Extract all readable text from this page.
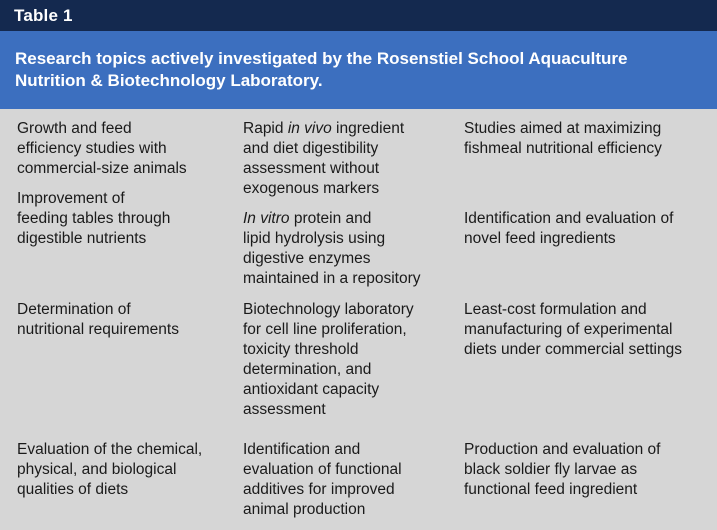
Table 1
Research topics actively investigated by the Rosenstiel School Aquaculture
Nutrition & Biotechnology Laboratory.
Growth and feed
efficiency studies with
commercial-size animals
Rapid in vivo ingredient
and diet digestibility
assessment without
exogenous markers
Studies aimed at maximizing
fishmeal nutritional efficiency
Improvement of
feeding tables through
digestible nutrients
In vitro protein and
lipid hydrolysis using
digestive enzymes
maintained in a repository
Identification and evaluation of
novel feed ingredients
Determination of
nutritional requirements
Biotechnology laboratory
for cell line proliferation,
toxicity threshold
determination, and
antioxidant capacity
assessment
Least-cost formulation and
manufacturing of experimental
diets under commercial settings
Evaluation of the chemical,
physical, and biological
qualities of diets
Identification and
evaluation of functional
additives for improved
animal production
Production and evaluation of
black soldier fly larvae as
functional feed ingredient
